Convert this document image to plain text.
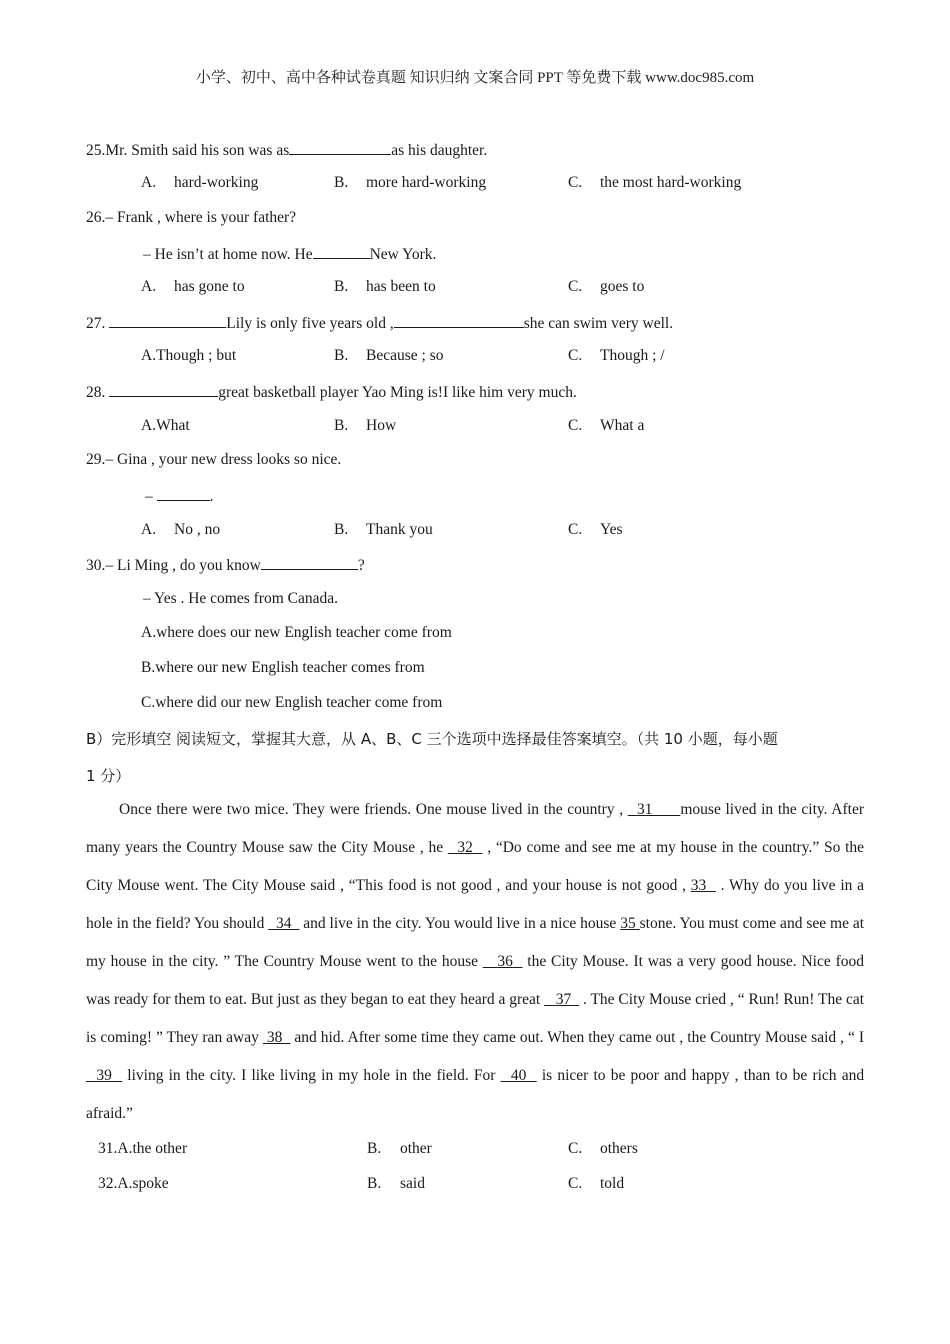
小学、初中、高中各种试卷真题 知识归纳 文案合同 PPT 等免费下载 www.doc985.com
25.Mr. Smith said his son was as	as his daughter.
A. hard-working	B. more hard-working	C. the most hard-working
26.– Frank , where is your father?
– He isn’t at home now. He	New York.
A. has gone to	B. has been to	C. goes to
27.	Lily is only five years old ,	she can swim very well.
A.Though ; but	B. Because ; so	C. Though ; /
28.	great basketball player Yao Ming is!I like him very much.
A.What	B. How	C. What a
29.– Gina , your new dress looks so nice.
–	.
A. No , no	B. Thank you	C. Yes
30.– Li Ming , do you know	?
– Yes . He comes from Canada.
A.where does our new English teacher come from
B.where our new English teacher comes from
C.where did our new English teacher come from
B）完形填空 阅读短文，掌握其大意，从 A、B、C 三个选项中选择最佳答案填空。（共 10 小题，每小题
1 分）

Once there were two mice. They were friends. One mouse lived in the country , 31 mouse lived in the city. After many years the Country Mouse saw the City Mouse , he 32 , “Do come and see me at my house in the country.” So the City Mouse went. The City Mouse said , “This food is not good , and your house is not good , 33 . Why do you live in a hole in the field? You should 34 and live in the city. You would live in a nice house 35 stone. You must come and see me at my house in the city. ” The Country Mouse went to the house 36 the City Mouse. It was a very good house. Nice food was ready for them to eat. But just as they began to eat they heard a great 37 . The City Mouse cried , “ Run! Run! The cat is coming! ” They ran away 38 and hid. After some time they came out. When they came out , the Country Mouse said , “ I   39 living in the city. I like living in my hole in the field. For 40 is nicer to be poor and happy , than to be rich and afraid.”

31.A.the other	B. other	C. others
32.A.spoke	B. said	C. told
